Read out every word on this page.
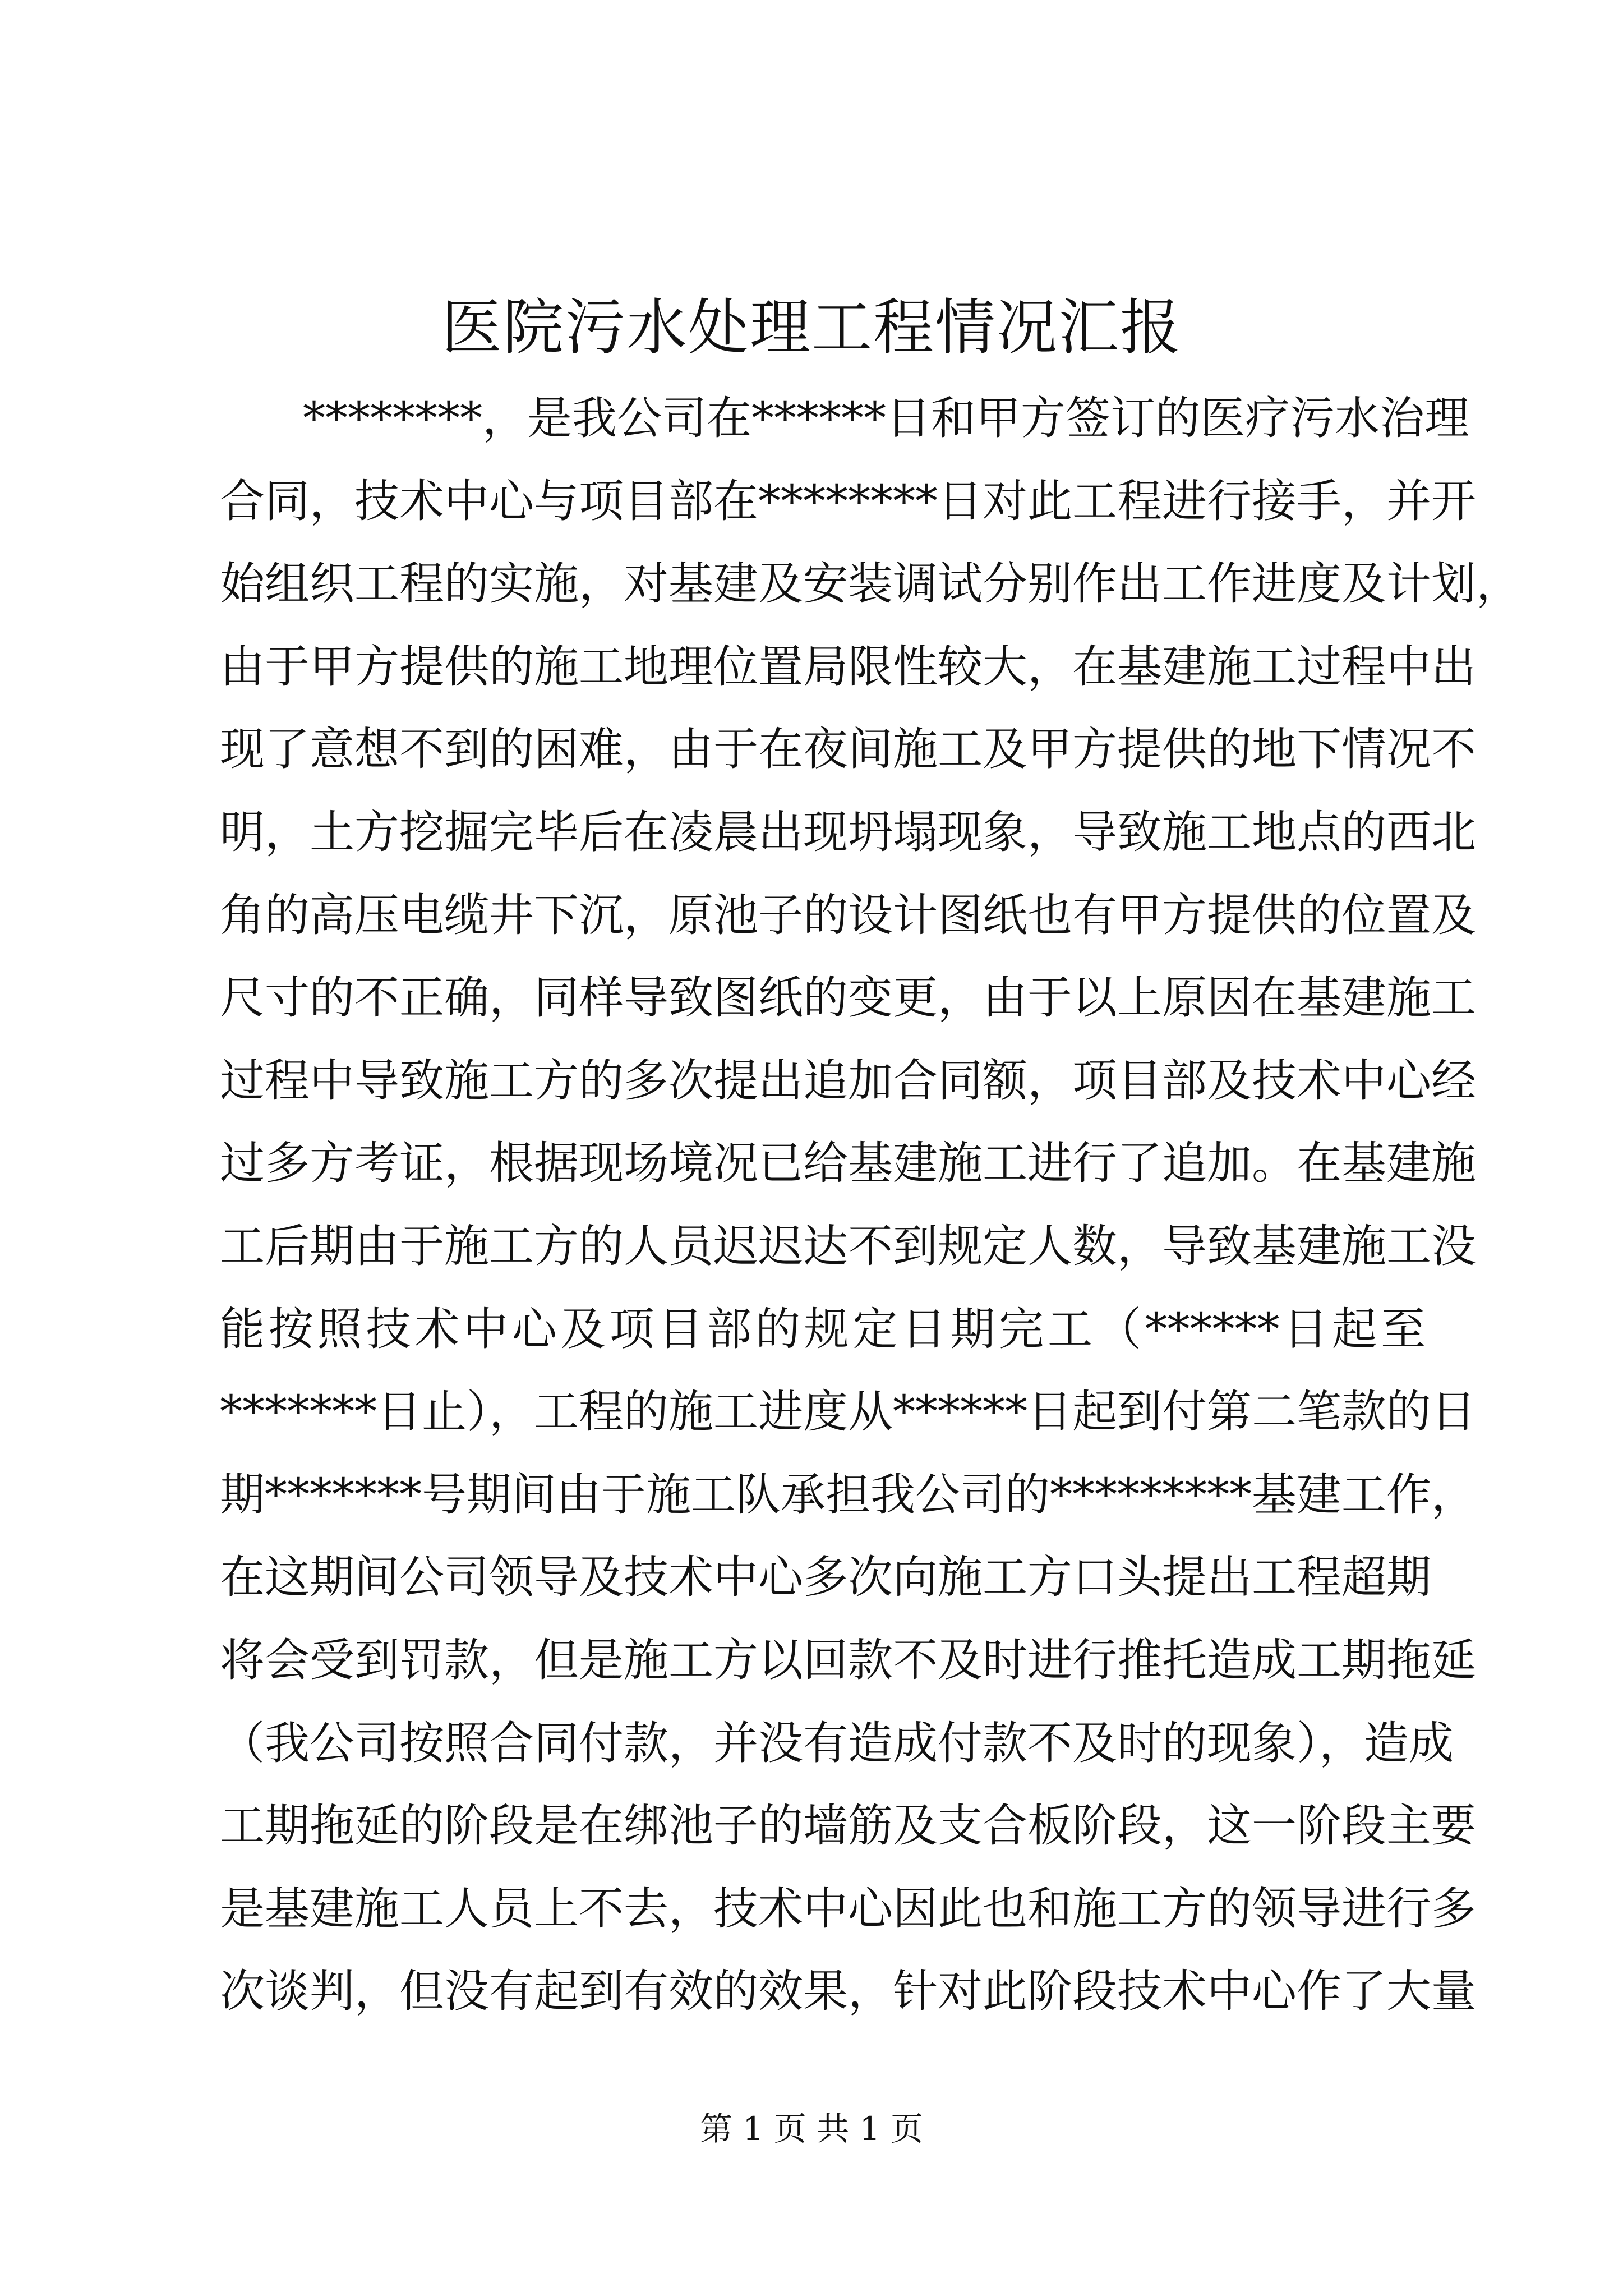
医院污水处理工程情况汇报
********，是我公司在******日和甲方签订的医疗污水治理
合同，技术中心与项目部在********日对此工程进行接手，并开
始组织工程的实施，对基建及安装调试分别作出工作进度及计划，
由于甲方提供的施工地理位置局限性较大，在基建施工过程中出
现了意想不到的困难，由于在夜间施工及甲方提供的地下情况不
明，土方挖掘完毕后在凌晨出现坍塌现象，导致施工地点的西北
角的高压电缆井下沉，原池子的设计图纸也有甲方提供的位置及
尺寸的不正确，同样导致图纸的变更，由于以上原因在基建施工
过程中导致施工方的多次提出追加合同额，项目部及技术中心经
过多方考证，根据现场境况已给基建施工进行了追加。在基建施
工后期由于施工方的人员迟迟达不到规定人数，导致基建施工没
能按照技术中心及项目部的规定日期完工（******日起至
*******日止），工程的施工进度从******日起到付第二笔款的日
期*******号期间由于施工队承担我公司的*********基建工作，
在这期间公司领导及技术中心多次向施工方口头提出工程超期
将会受到罚款，但是施工方以回款不及时进行推托造成工期拖延
（我公司按照合同付款，并没有造成付款不及时的现象），造成
工期拖延的阶段是在绑池子的墙筋及支合板阶段，这一阶段主要
是基建施工人员上不去，技术中心因此也和施工方的领导进行多
次谈判，但没有起到有效的效果，针对此阶段技术中心作了大量
第 1 页 共 1 页
